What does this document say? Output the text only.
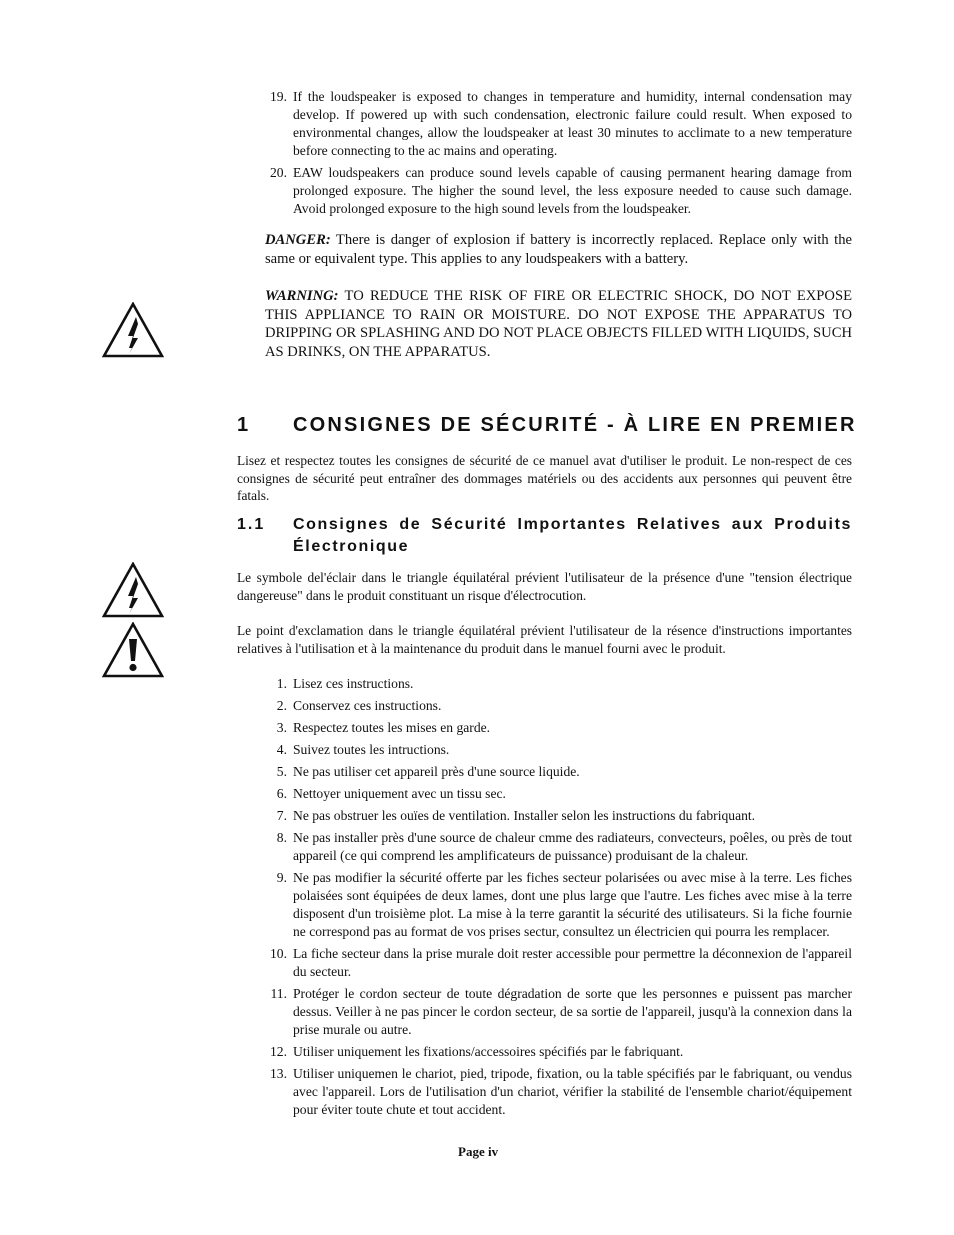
19. If the loudspeaker is exposed to changes in temperature and humidity, internal condensation may develop. If powered up with such condensation, electronic failure could result. When exposed to environmental changes, allow the loudspeaker at least 30 minutes to acclimate to a new temperature before connecting to the ac mains and operating.
20. EAW loudspeakers can produce sound levels capable of causing permanent hearing damage from prolonged exposure. The higher the sound level, the less exposure needed to cause such damage. Avoid prolonged exposure to the high sound levels from the loudspeaker.

DANGER: There is danger of explosion if battery is incorrectly replaced. Replace only with the same or equivalent type. This applies to any loudspeakers with a battery.

WARNING: TO REDUCE THE RISK OF FIRE OR ELECTRIC SHOCK, DO NOT EXPOSE THIS APPLIANCE TO RAIN OR MOISTURE. DO NOT EXPOSE THE APPARATUS TO DRIPPING OR SPLASHING AND DO NOT PLACE OBJECTS FILLED WITH LIQUIDS, SUCH AS DRINKS, ON THE APPARATUS.

1 CONSIGNES DE SÉCURITÉ - À LIRE EN PREMIER

Lisez et respectez toutes les consignes de sécurité de ce manuel avat d'utiliser le produit. Le non-respect de ces consignes de sécurité peut entraîner des dommages matériels ou des accidents aux personnes qui peuvent être fatals.

1.1 Consignes de Sécurité Importantes Relatives aux Produits
Électronique

Le symbole del'éclair dans le triangle équilatéral prévient l'utilisateur de la présence d'une "tension électrique dangereuse" dans le produit constituant un risque d'électrocution.

Le point d'exclamation dans le triangle équilatéral prévient l'utilisateur de la résence d'instructions importantes relatives à l'utilisation et à la maintenance du produit dans le manuel fourni avec le produit.

1. Lisez ces instructions.
2. Conservez ces instructions.
3. Respectez toutes les mises en garde.
4. Suivez toutes les intructions.
5. Ne pas utiliser cet appareil près d'une source liquide.
6. Nettoyer uniquement avec un tissu sec.
7. Ne pas obstruer les ouïes de ventilation. Installer selon les instructions du fabriquant.
8. Ne pas installer près d'une source de chaleur cmme des radiateurs, convecteurs, poêles, ou près de tout appareil (ce qui comprend les amplificateurs de puissance) produisant de la chaleur.
9. Ne pas modifier la sécurité offerte par les fiches secteur polarisées ou avec mise à la terre. Les fiches polaisées sont équipées de deux lames, dont une plus large que l'autre. Les fiches avec mise à la terre disposent d'un troisième plot. La mise à la terre garantit la sécurité des utilisateurs. Si la fiche fournie ne correspond pas au format de vos prises sectur, consultez un électricien qui pourra les remplacer.
10. La fiche secteur dans la prise murale doit rester accessible pour permettre la déconnexion de l'appareil du secteur.
11. Protéger le cordon secteur de toute dégradation de sorte que les personnes e puissent pas marcher dessus. Veiller à ne pas pincer le cordon secteur, de sa sortie de l'appareil, jusqu'à la connexion dans la prise murale ou autre.
12. Utiliser uniquement les fixations/accessoires spécifiés par le fabriquant.
13. Utiliser uniquemen le chariot, pied, tripode, fixation, ou la table spécifiés par le fabriquant, ou vendus avec l'appareil. Lors de l'utilisation d'un chariot, vérifier la stabilité de l'ensemble chariot/équipement pour éviter toute chute et tout accident.

Page iv
